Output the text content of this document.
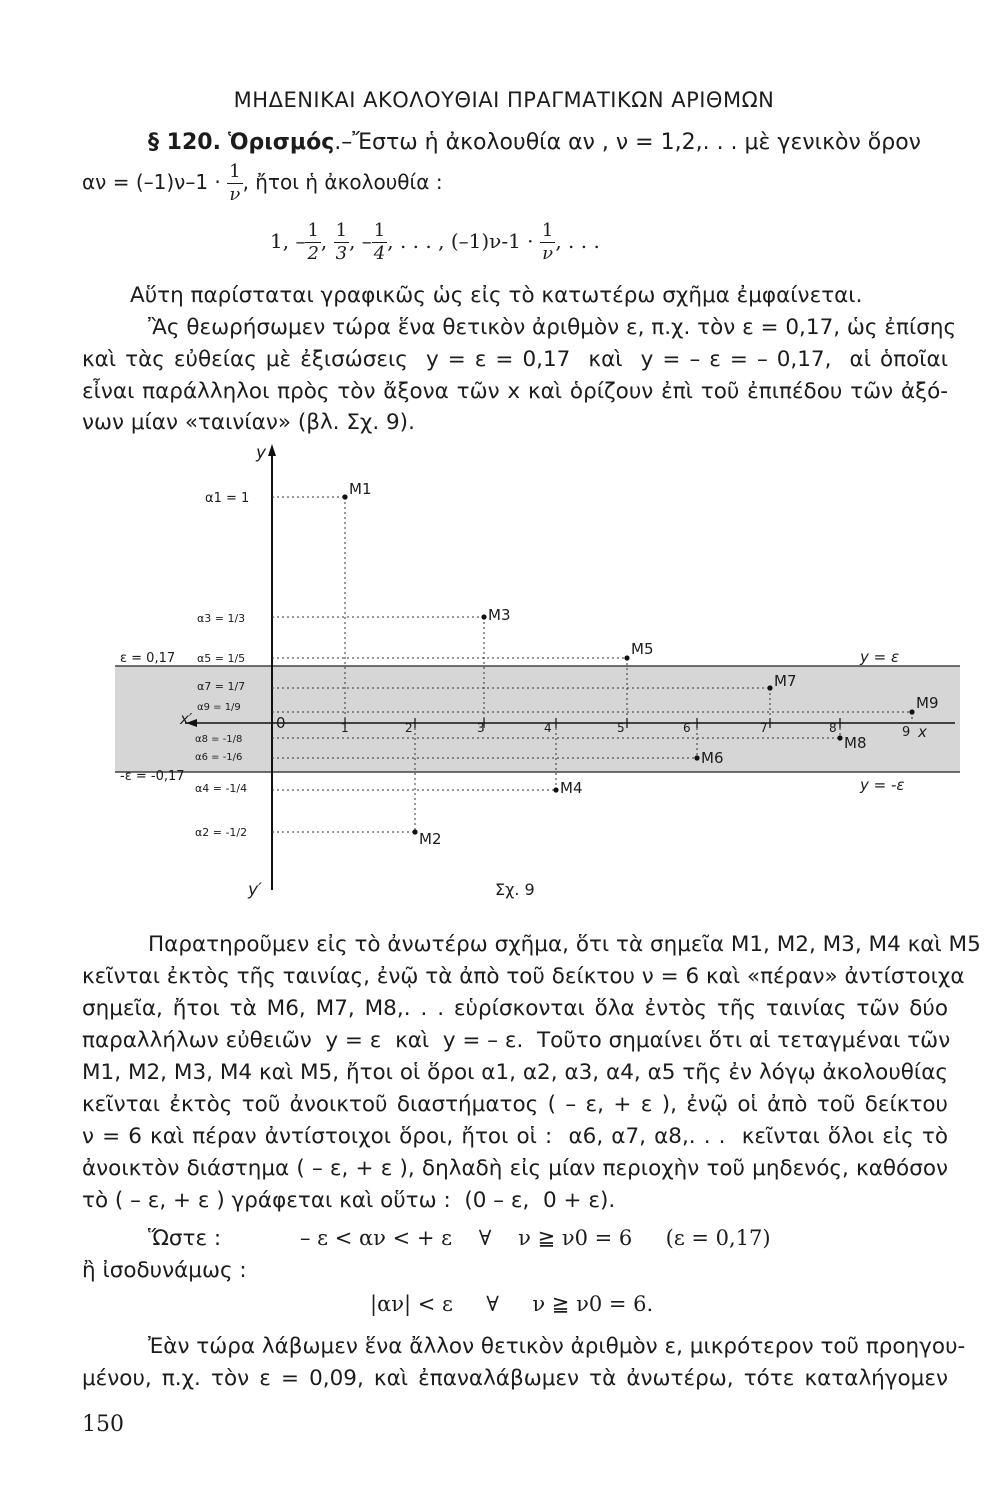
ΜΗΔΕΝΙΚΑΙ ΑΚΟΛΟΥΘΙΑΙ ΠΡΑΓΜΑΤΙΚΩΝ ΑΡΙΘΜΩΝ
§ 120. Ὁρισμός.–Ἔστω ἡ ἀκολουθία αν , ν = 1,2,. . . μὲ γενικὸν ὅρον
$\alpha\nu = (-1)\nu-1 \cdot \frac{1}{\nu}$ , ἤτοι ἡ ἀκολουθία :
1, – $\frac{1}{2}$ , $\frac{1}{3}$ , – $\frac{1}{4}$ , . . . , $(-1)\nu-1 \cdot \frac{1}{\nu}$ , . . .
Αὕτη παρίσταται γραφικῶς ὡς εἰς τὸ κατωτέρω σχῆμα ἐμφαίνεται.
Ἂς θεωρήσωμεν τώρα ἕνα θετικὸν ἀριθμὸν ε, π.χ. τὸν ε = 0,17, ὡς ἐπίσης
καὶ τὰς εὐθείας μὲ ἐξισώσεις  y = ε = 0,17  καὶ  y = – ε = – 0,17,  αἱ ὁποῖαι
εἶναι παράλληλοι πρὸς τὸν ἄξονα τῶν x καὶ ὁρίζουν ἐπὶ τοῦ ἐπιπέδου τῶν ἀξό-
νων μίαν «ταινίαν» (βλ. Σχ. 9).
0	1	2	3	4	5	6	7	8	9 x
x′
y
y′
ε = 0,17
-ε = -0,17
y = ε
y = -ε
α1 = 1
α3 = 1/3
α5 = 1/5
α7 = 1/7
α9 = 1/9
α8 = -1/8
α6 = -1/6
α4 = -1/4
α2 = -1/2
M1
M2
M3
M4
M5
M6
M7
M8
M9
Σχ. 9
Παρατηροῦμεν εἰς τὸ ἀνωτέρω σχῆμα, ὅτι τὰ σημεῖα M1, M2, M3, M4 καὶ M5
κεῖνται ἐκτὸς τῆς ταινίας, ἐνῷ τὰ ἀπὸ τοῦ δείκτου ν = 6 καὶ «πέραν» ἀντίστοιχα
σημεῖα, ἤτοι τὰ M6, M7, M8,. . . εὑρίσκονται ὅλα ἐντὸς τῆς ταινίας τῶν δύο
παραλλήλων εὐθειῶν  y = ε  καὶ  y = – ε.  Τοῦτο σημαίνει ὅτι αἱ τεταγμέναι τῶν
M1, M2, M3, M4 καὶ M5, ἤτοι οἱ ὅροι α1, α2, α3, α4, α5 τῆς ἐν λόγῳ ἀκολουθίας
κεῖνται ἐκτὸς τοῦ ἀνοικτοῦ διαστήματος ( – ε, + ε ), ἐνῷ οἱ ἀπὸ τοῦ δείκτου
ν = 6 καὶ πέραν ἀντίστοιχοι ὅροι, ἤτοι οἱ :  α6, α7, α8,. . .  κεῖνται ὅλοι εἰς τὸ
ἀνοικτὸν διάστημα ( – ε, + ε ), δηλαδὴ εἰς μίαν περιοχὴν τοῦ μηδενός, καθόσον
τὸ ( – ε, + ε ) γράφεται καὶ οὕτω :  (0 – ε,  0 + ε).
Ὥστε :	– ε < αν < + ε    ∀    ν ≧ ν0 = 6     (ε = 0,17)
ἢ ἰσοδυνάμως :
|αν| < ε     ∀     ν ≧ ν0 = 6.
Ἐὰν τώρα λάβωμεν ἕνα ἄλλον θετικὸν ἀριθμὸν ε, μικρότερον τοῦ προηγου-
μένου, π.χ. τὸν ε = 0,09, καὶ ἐπαναλάβωμεν τὰ ἀνωτέρω, τότε καταλήγομεν
150
